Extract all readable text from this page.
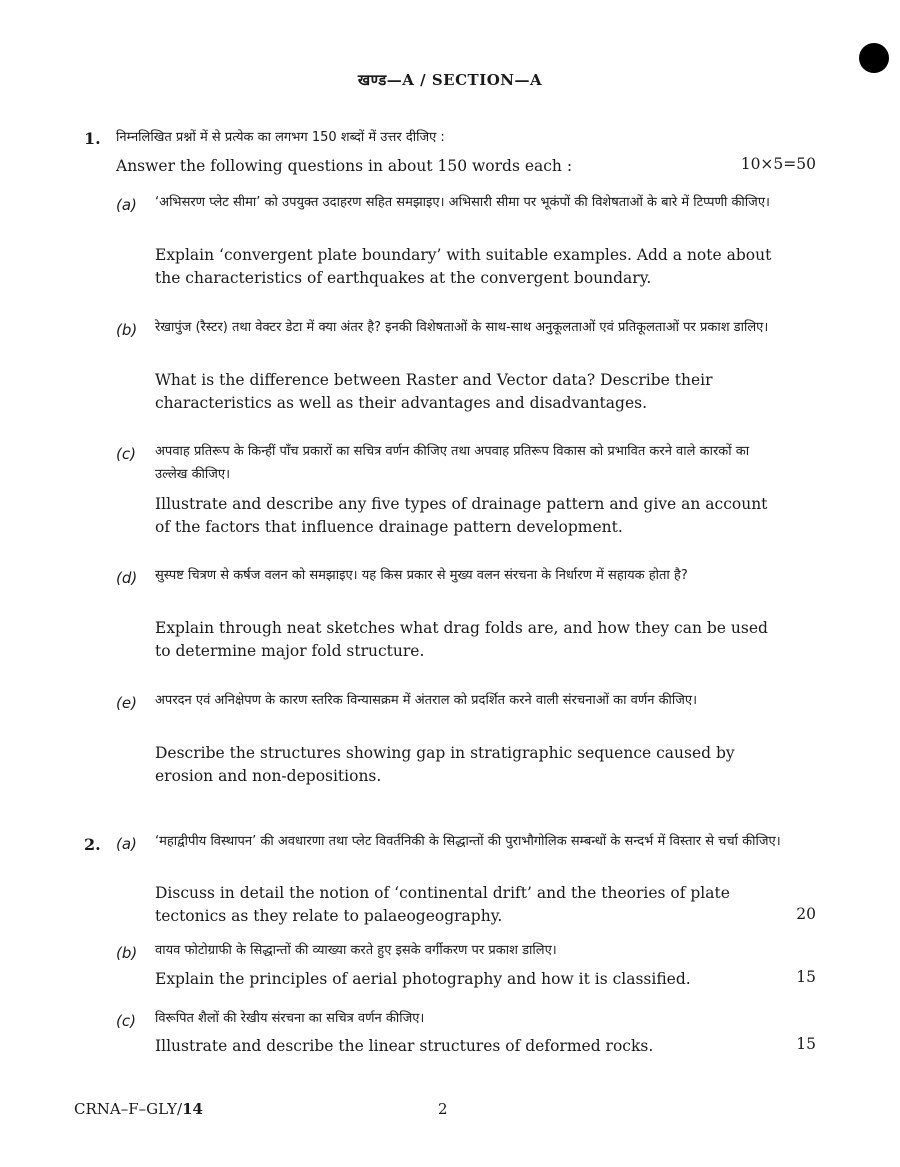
खण्ड—A / SECTION—A
1. निम्नलिखित प्रश्नों में से प्रत्येक का लगभग 150 शब्दों में उत्तर दीजिए :
Answer the following questions in about 150 words each :	10×5=50
(a) ‘अभिसरण प्लेट सीमा’ को उपयुक्त उदाहरण सहित समझाइए। अभिसारी सीमा पर भूकंपों की विशेषताओं के बारे में टिप्पणी कीजिए।
Explain ‘convergent plate boundary’ with suitable examples. Add a note about the characteristics of earthquakes at the convergent boundary.
(b) रेखापुंज (रैस्टर) तथा वेक्टर डेटा में क्या अंतर है? इनकी विशेषताओं के साथ-साथ अनुकूलताओं एवं प्रतिकूलताओं पर प्रकाश डालिए।
What is the difference between Raster and Vector data? Describe their characteristics as well as their advantages and disadvantages.
(c) अपवाह प्रतिरूप के किन्हीं पाँच प्रकारों का सचित्र वर्णन कीजिए तथा अपवाह प्रतिरूप विकास को प्रभावित करने वाले कारकों का उल्लेख कीजिए।
Illustrate and describe any five types of drainage pattern and give an account of the factors that influence drainage pattern development.
(d) सुस्पष्ट चित्रण से कर्षज वलन को समझाइए। यह किस प्रकार से मुख्य वलन संरचना के निर्धारण में सहायक होता है?
Explain through neat sketches what drag folds are, and how they can be used to determine major fold structure.
(e) अपरदन एवं अनिक्षेपण के कारण स्तरिक विन्यासक्रम में अंतराल को प्रदर्शित करने वाली संरचनाओं का वर्णन कीजिए।
Describe the structures showing gap in stratigraphic sequence caused by erosion and non-depositions.
2. (a) ‘महाद्वीपीय विस्थापन’ की अवधारणा तथा प्लेट विवर्तनिकी के सिद्धान्तों की पुराभौगोलिक सम्बन्धों के सन्दर्भ में विस्तार से चर्चा कीजिए।
Discuss in detail the notion of ‘continental drift’ and the theories of plate tectonics as they relate to palaeogeography.	20
(b) वायव फोटोग्राफी के सिद्धान्तों की व्याख्या करते हुए इसके वर्गीकरण पर प्रकाश डालिए।
Explain the principles of aerial photography and how it is classified.	15
(c) विरूपित शैलों की रेखीय संरचना का सचित्र वर्णन कीजिए।
Illustrate and describe the linear structures of deformed rocks.	15
CRNA–F–GLY/14	2
